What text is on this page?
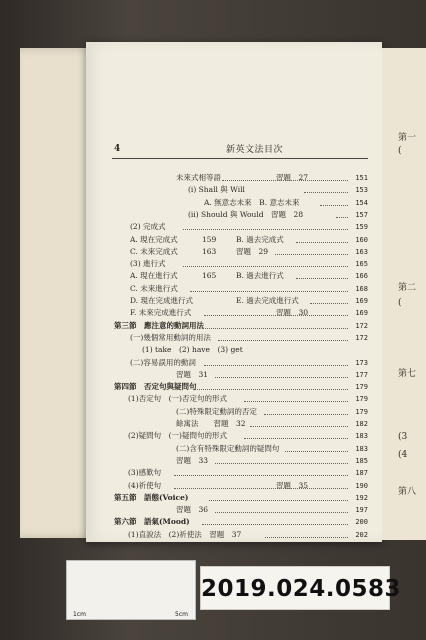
4	新英文法目次
未來式相等語	習題　27	151
(i) Shall 與 Will	153
A. 無意志未來　B. 意志未來	154
(ii) Should 與 Would　習題　28	157
(2) 完成式	159
A. 現在完成式	159	B. 過去完成式	160
C. 未來完成式	163	習題　29	163
(3) 進行式	165
A. 現在進行式	165	B. 過去進行式	166
C. 未來進行式	168
D. 現在完成進行式	E. 過去完成進行式	169
F. 未來完成進行式	習題　30	169
第三節　應注意的動詞用法	172
(一)幾個常用動詞的用法	172
(1) take　(2) have　(3) get
(二)容易誤用的動詞	173
習題　31	177
第四節　否定句與疑問句	179
(1)否定句　(一)否定句的形式	179
(二)特殊限定動詞的否定	179
餘寓法　　習題　32	182
(2)疑問句　(一)疑問句的形式	183
(二)含有特殊限定動詞的疑問句	183
習題　33	185
(3)感歎句	187
(4)祈使句	習題　35	190
第五節　語態(Voice)	192
習題　36	197
第六節　語氣(Mood)	200
(1)直說法　(2)祈使法　習題　37	202
第一
(
第二
(
第七
(3
(4
第八
1cm	5cm
2019.024.0583
